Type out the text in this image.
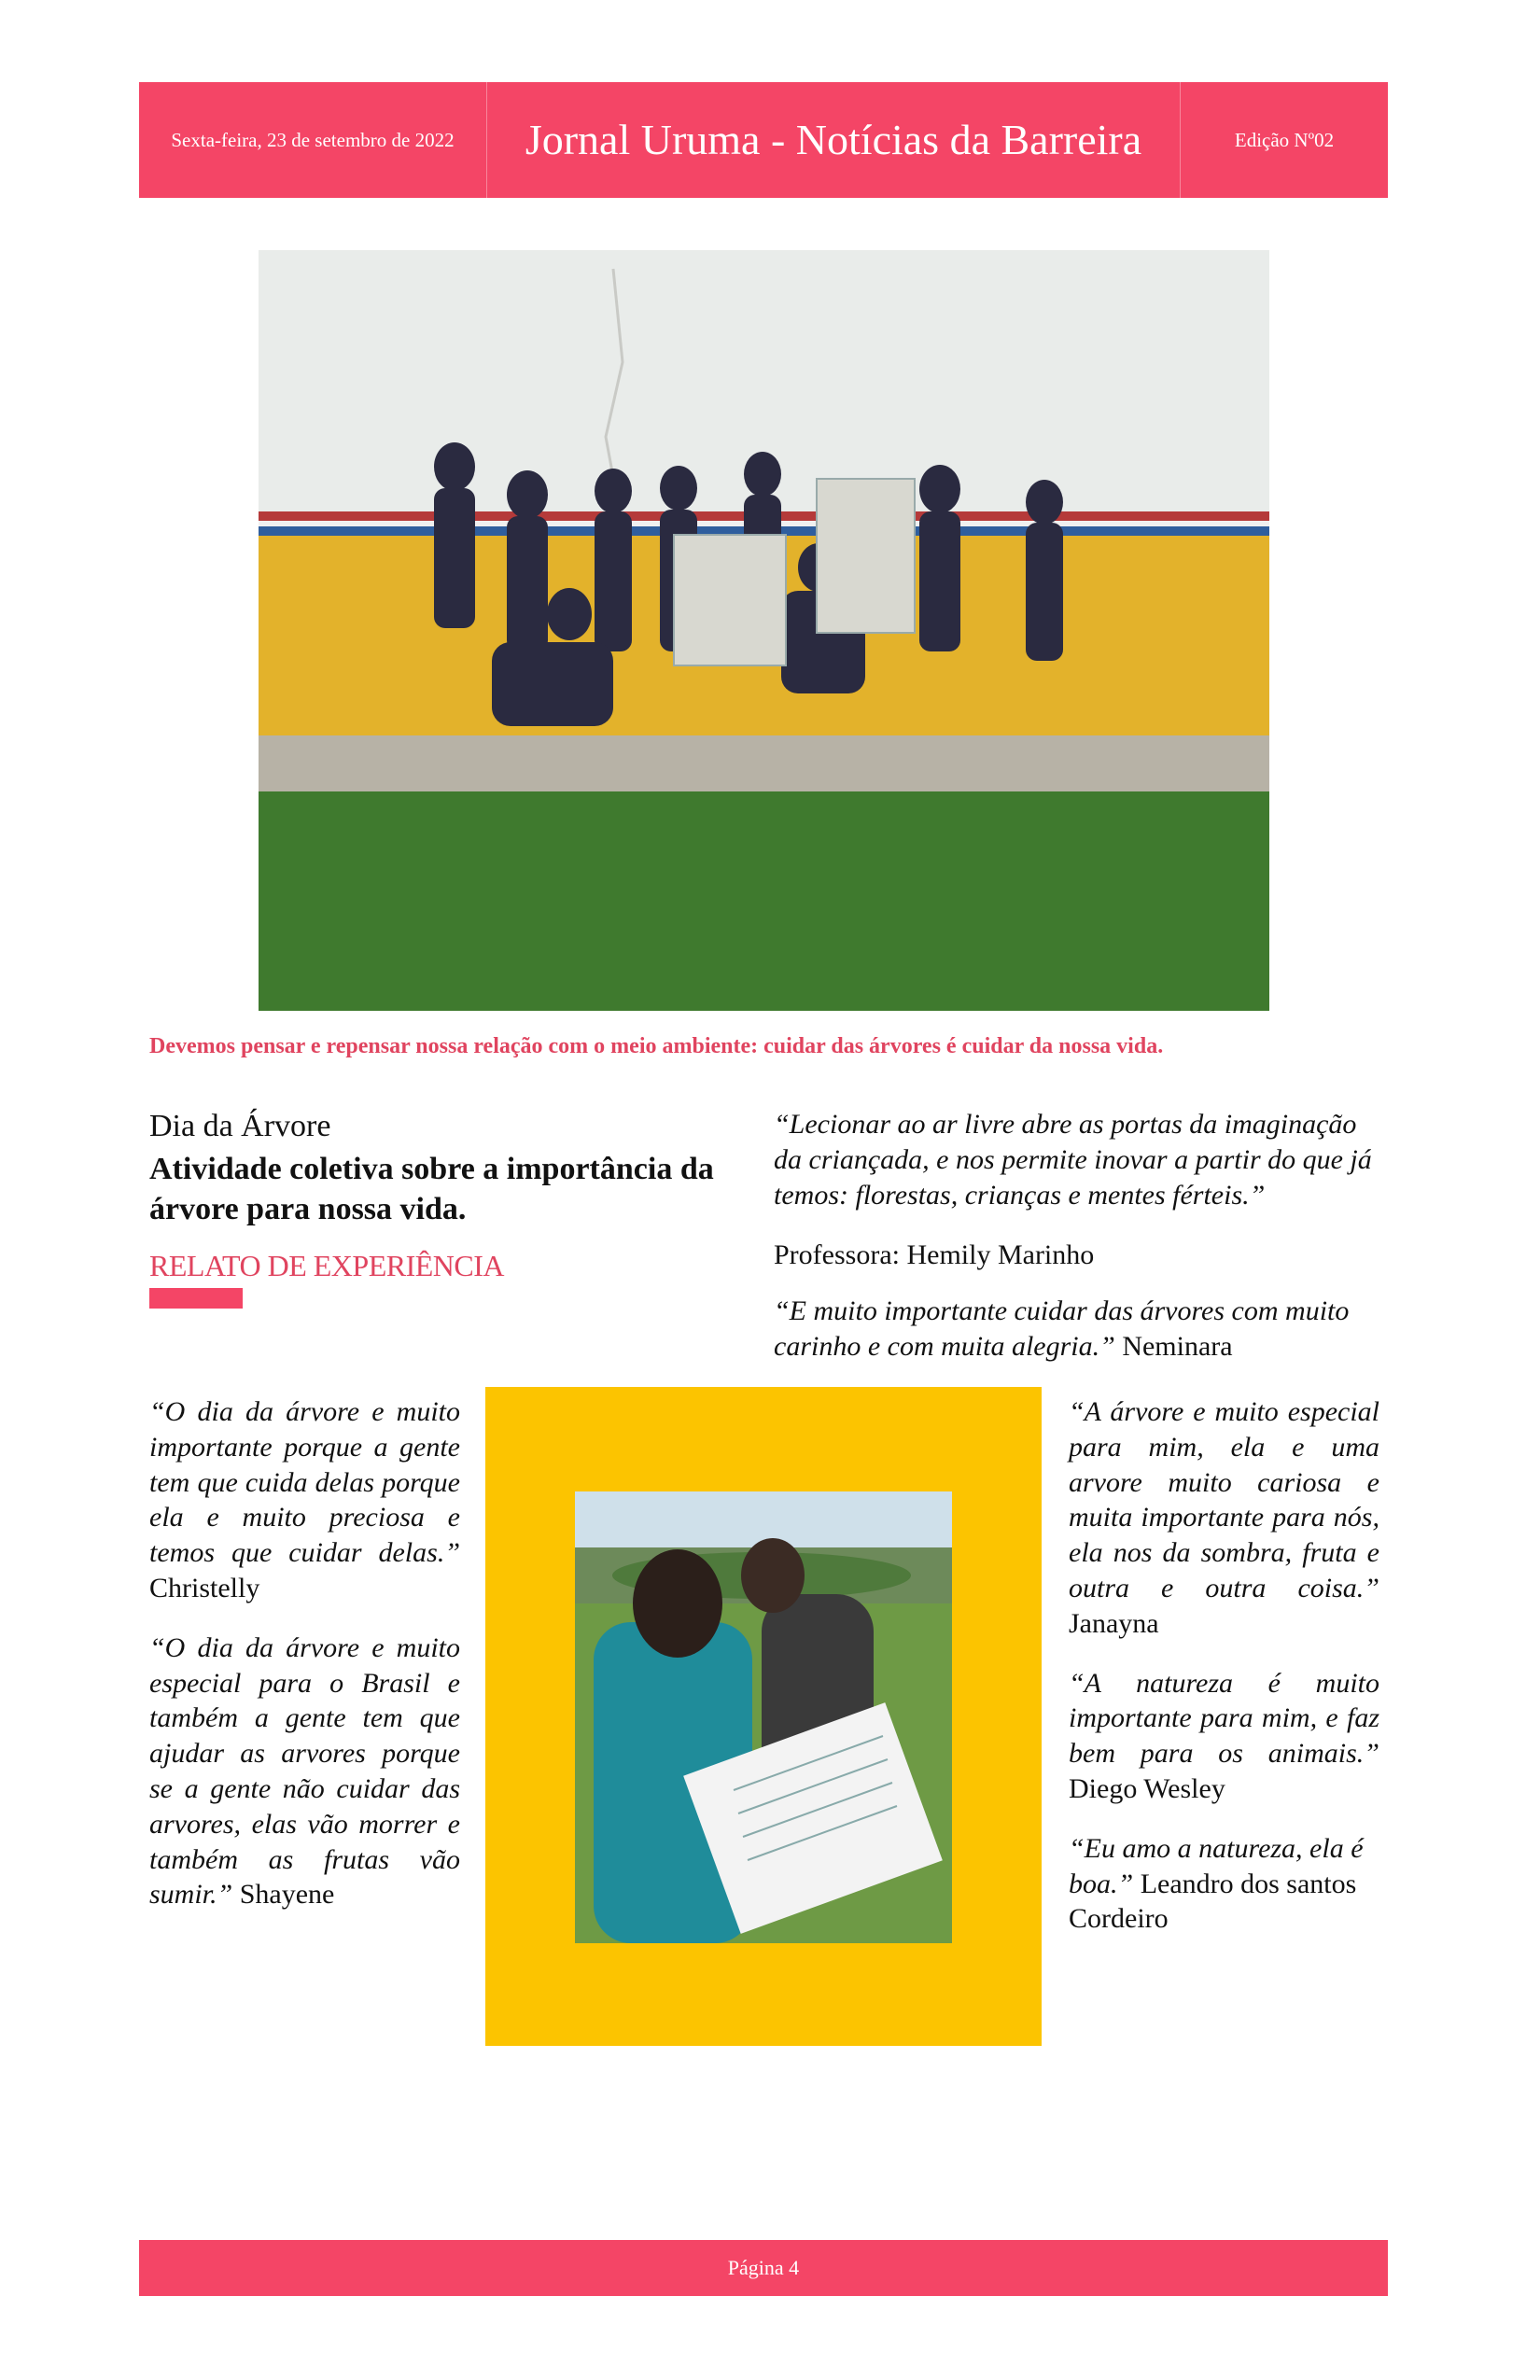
Sexta-feira, 23 de setembro de 2022	Jornal Uruma - Notícias da Barreira	Edição Nº02
Devemos pensar e repensar nossa relação com o meio ambiente: cuidar das árvores é cuidar da nossa vida.
Dia da Árvore
Atividade coletiva sobre a importância da árvore para nossa vida.
RELATO DE EXPERIÊNCIA
“Lecionar ao ar livre abre as portas da imaginação da criançada, e nos permite inovar a partir do que já temos: florestas, crianças e mentes férteis.”
Professora: Hemily Marinho
“E muito importante cuidar das árvores com muito carinho e com muita alegria.” Neminara

“O dia da árvore e muito importante porque a gente tem que cuida delas porque ela e muito preciosa e temos que cuidar delas.” Christelly

“O dia da árvore e muito especial para o Brasil e também a gente tem que ajudar as arvores porque se a gente não cuidar das arvores, elas vão morrer e também as frutas vão sumir.” Shayene

“A árvore e muito especial para mim, ela e uma arvore muito cariosa e muita importante para nós, ela nos da sombra, fruta e outra e outra coisa.” Janayna

“A natureza é muito importante para mim, e faz bem para os animais.” Diego Wesley

“Eu amo a natureza, ela é boa.” Leandro dos santos Cordeiro

Página 4
